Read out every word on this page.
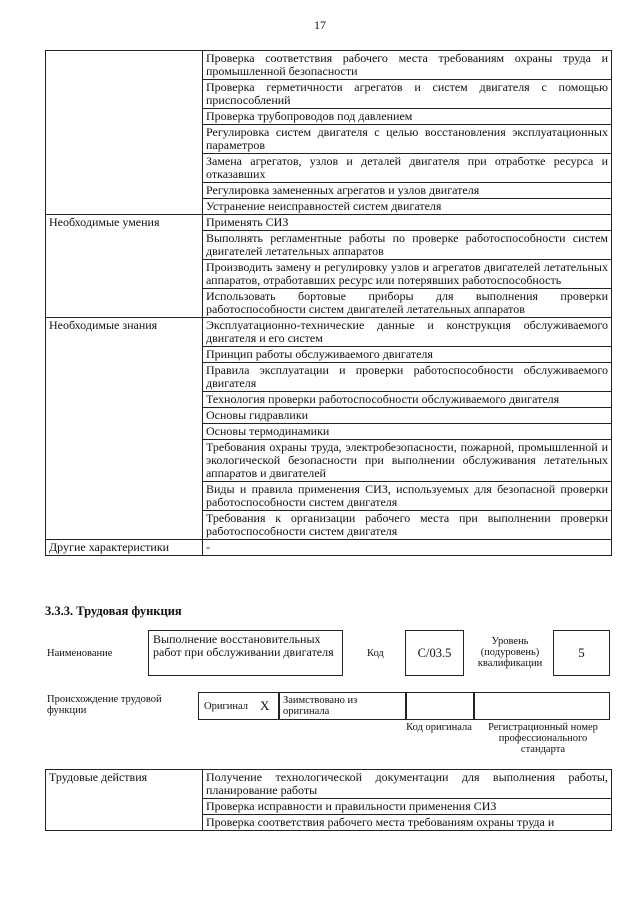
17
	Проверка соответствия рабочего места требованиям охраны труда и промышленной безопасности
	Проверка герметичности агрегатов и систем двигателя с помощью приспособлений
	Проверка трубопроводов под давлением
	Регулировка систем двигателя с целью восстановления эксплуатационных параметров
	Замена агрегатов, узлов и деталей двигателя при отработке ресурса и отказавших
	Регулировка замененных агрегатов и узлов двигателя
	Устранение неисправностей систем двигателя
Необходимые умения	Применять СИЗ
	Выполнять регламентные работы по проверке работоспособности систем двигателей летательных аппаратов
	Производить замену и регулировку узлов и агрегатов двигателей летательных аппаратов, отработавших ресурс или потерявших работоспособность
	Использовать бортовые приборы для выполнения проверки работоспособности систем двигателей летательных аппаратов
Необходимые знания	Эксплуатационно-технические данные и конструкция обслуживаемого двигателя и его систем
	Принцип работы обслуживаемого двигателя
	Правила эксплуатации и проверки работоспособности обслуживаемого двигателя
	Технология проверки работоспособности обслуживаемого двигателя
	Основы гидравлики
	Основы термодинамики
	Требования охраны труда, электробезопасности, пожарной, промышленной и экологической безопасности при выполнении обслуживания летательных аппаратов и двигателей
	Виды и правила применения СИЗ, используемых для безопасной проверки работоспособности систем двигателя
	Требования к организации рабочего места при выполнении проверки работоспособности систем двигателя
Другие характеристики	-
3.3.3. Трудовая функция
Наименование
Выполнение восстановительных работ при обслуживании двигателя	Код	C/03.5
Уровень (подуровень) квалификации
5
Происхождение трудовой функции	Оригинал X Заимствовано из оригинала
Код оригинала	Регистрационный номер профессионального стандарта
Трудовые действия	Получение технологической документации для выполнения работы, планирование работы
	Проверка исправности и правильности применения СИЗ
	Проверка соответствия рабочего места требованиям охраны труда и
